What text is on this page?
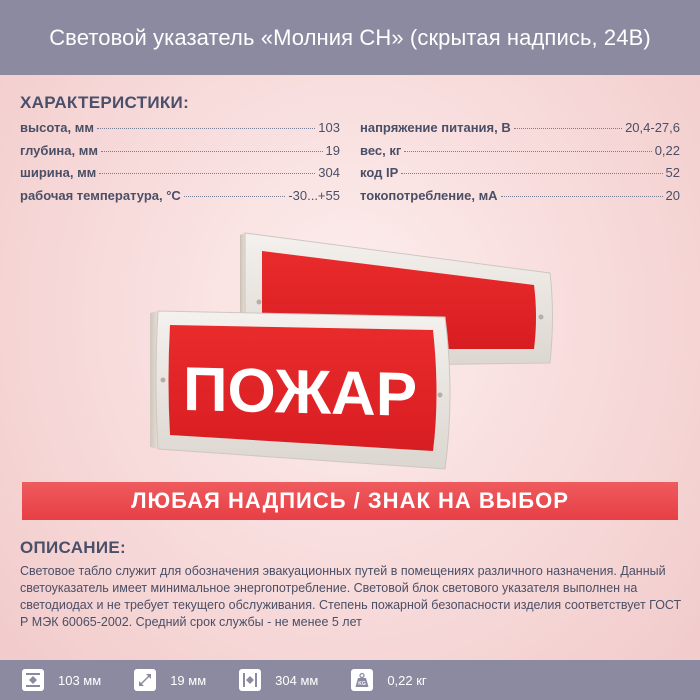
Световой указатель «Молния СН» (скрытая надпись, 24В)
ХАРАКТЕРИСТИКИ:
высота, мм	103
глубина, мм	19
ширина, мм	304
рабочая температура, °С	-30...+55
напряжение питания, В	20,4-27,6
вес, кг	0,22
код IP	52
токопотребление, мА	20
ПОЖАР
ЛЮБАЯ НАДПИСЬ / ЗНАК НА ВЫБОР
ОПИСАНИЕ:
Световое табло служит для обозначения эвакуационных путей в помещениях различного назначения. Данный светоуказатель имеет минимальное энергопотребление. Световой блок светового указателя выполнен на светодиодах и не требует текущего обслуживания. Степень пожарной безопасности изделия соответствует ГОСТ Р МЭК 60065-2002. Средний срок службы - не менее 5 лет
103 мм	19 мм	304 мм	KG 0,22 кг
